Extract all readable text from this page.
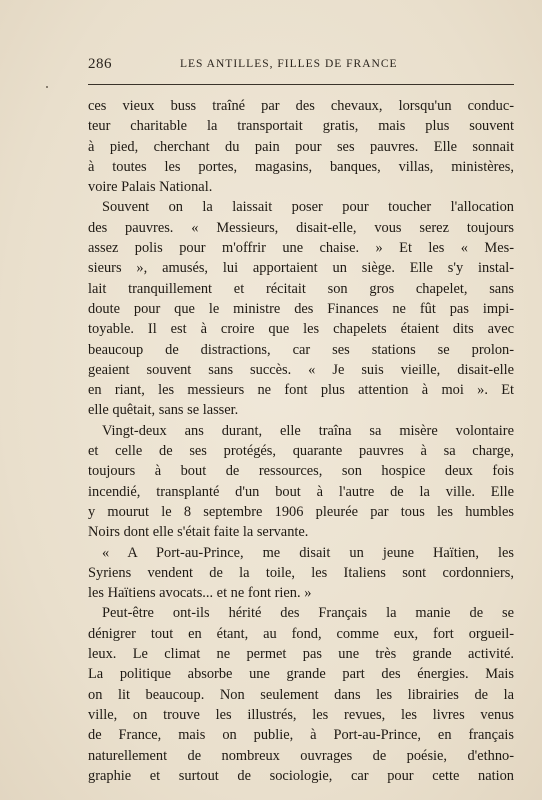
286	LES ANTILLES, FILLES DE FRANCE
ces vieux buss traîné par des chevaux, lorsqu'un conduc-
teur charitable la transportait gratis, mais plus souvent
à pied, cherchant du pain pour ses pauvres. Elle sonnait
à toutes les portes, magasins, banques, villas, ministères,
voire Palais National.
Souvent on la laissait poser pour toucher l'allocation
des pauvres. « Messieurs, disait-elle, vous serez toujours
assez polis pour m'offrir une chaise. » Et les « Mes-
sieurs », amusés, lui apportaient un siège. Elle s'y instal-
lait tranquillement et récitait son gros chapelet, sans
doute pour que le ministre des Finances ne fût pas impi-
toyable. Il est à croire que les chapelets étaient dits avec
beaucoup de distractions, car ses stations se prolon-
geaient souvent sans succès. « Je suis vieille, disait-elle
en riant, les messieurs ne font plus attention à moi ». Et
elle quêtait, sans se lasser.
Vingt-deux ans durant, elle traîna sa misère volontaire
et celle de ses protégés, quarante pauvres à sa charge,
toujours à bout de ressources, son hospice deux fois
incendié, transplanté d'un bout à l'autre de la ville. Elle
y mourut le 8 septembre 1906 pleurée par tous les humbles
Noirs dont elle s'était faite la servante.
« A Port-au-Prince, me disait un jeune Haïtien, les
Syriens vendent de la toile, les Italiens sont cordonniers,
les Haïtiens avocats... et ne font rien. »
Peut-être ont-ils hérité des Français la manie de se
dénigrer tout en étant, au fond, comme eux, fort orgueil-
leux. Le climat ne permet pas une très grande activité.
La politique absorbe une grande part des énergies. Mais
on lit beaucoup. Non seulement dans les librairies de la
ville, on trouve les illustrés, les revues, les livres venus
de France, mais on publie, à Port-au-Prince, en français
naturellement de nombreux ouvrages de poésie, d'ethno-
graphie et surtout de sociologie, car pour cette nation
